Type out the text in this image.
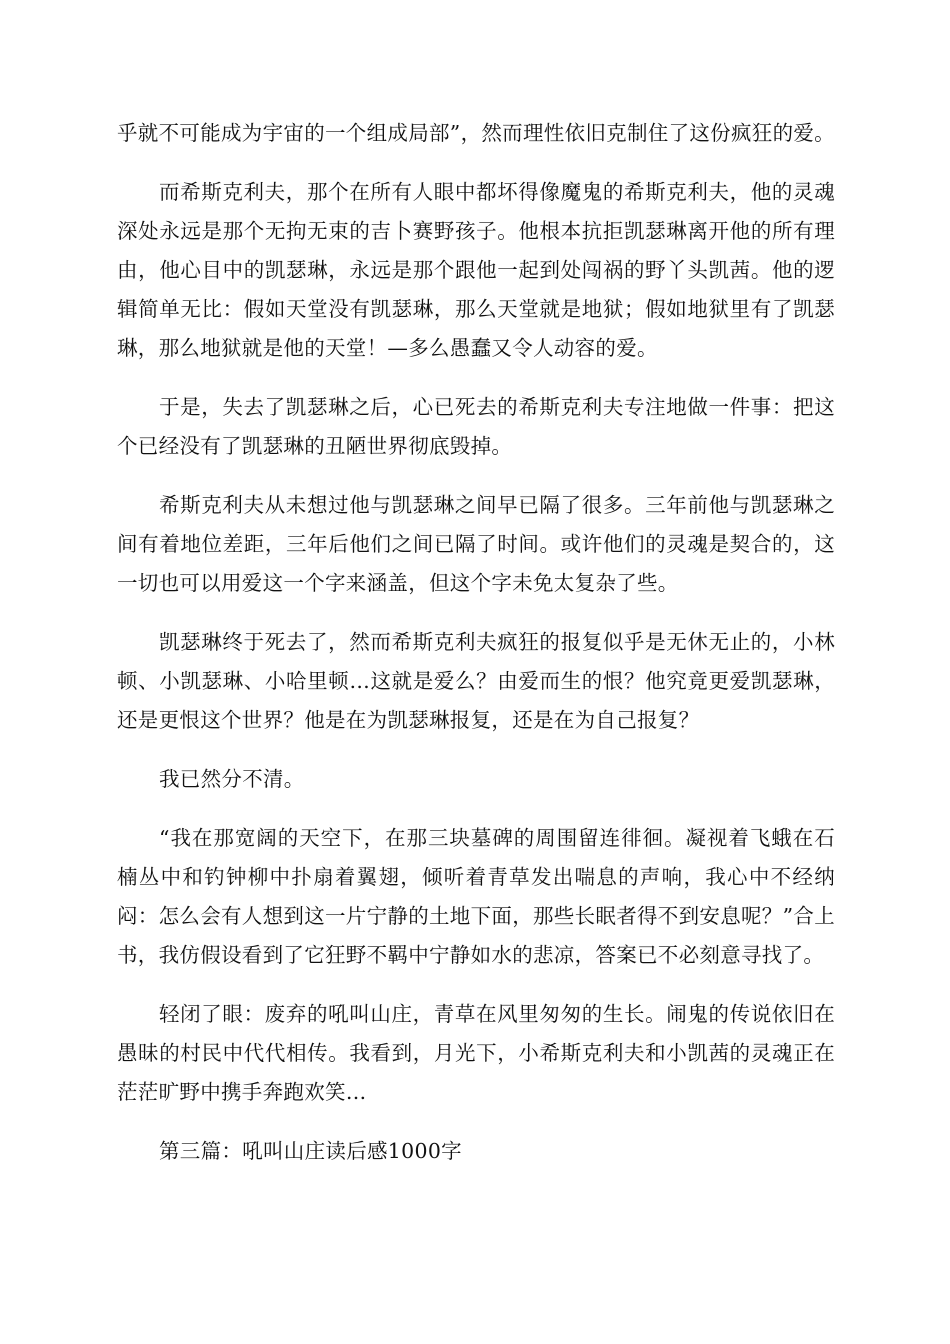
乎就不可能成为宇宙的一个组成局部”，然而理性依旧克制住了这份疯狂的爱。

而希斯克利夫，那个在所有人眼中都坏得像魔鬼的希斯克利夫，他的灵魂深处永远是那个无拘无束的吉卜赛野孩子。他根本抗拒凯瑟琳离开他的所有理由，他心目中的凯瑟琳，永远是那个跟他一起到处闯祸的野丫头凯茜。他的逻辑简单无比：假如天堂没有凯瑟琳，那么天堂就是地狱；假如地狱里有了凯瑟琳，那么地狱就是他的天堂！—多么愚蠢又令人动容的爱。

于是，失去了凯瑟琳之后，心已死去的希斯克利夫专注地做一件事：把这个已经没有了凯瑟琳的丑陋世界彻底毁掉。

希斯克利夫从未想过他与凯瑟琳之间早已隔了很多。三年前他与凯瑟琳之间有着地位差距，三年后他们之间已隔了时间。或许他们的灵魂是契合的，这一切也可以用爱这一个字来涵盖，但这个字未免太复杂了些。

凯瑟琳终于死去了，然而希斯克利夫疯狂的报复似乎是无休无止的，小林顿、小凯瑟琳、小哈里顿…这就是爱么？由爱而生的恨？他究竟更爱凯瑟琳，还是更恨这个世界？他是在为凯瑟琳报复，还是在为自己报复？

我已然分不清。

“我在那宽阔的天空下，在那三块墓碑的周围留连徘徊。凝视着飞蛾在石楠丛中和钓钟柳中扑扇着翼翅，倾听着青草发出喘息的声响，我心中不经纳闷：怎么会有人想到这一片宁静的土地下面，那些长眠者得不到安息呢？”合上书，我仿假设看到了它狂野不羁中宁静如水的悲凉，答案已不必刻意寻找了。

轻闭了眼：废弃的吼叫山庄，青草在风里匆匆的生长。闹鬼的传说依旧在愚昧的村民中代代相传。我看到，月光下，小希斯克利夫和小凯茜的灵魂正在茫茫旷野中携手奔跑欢笑…

第三篇：吼叫山庄读后感1000字
